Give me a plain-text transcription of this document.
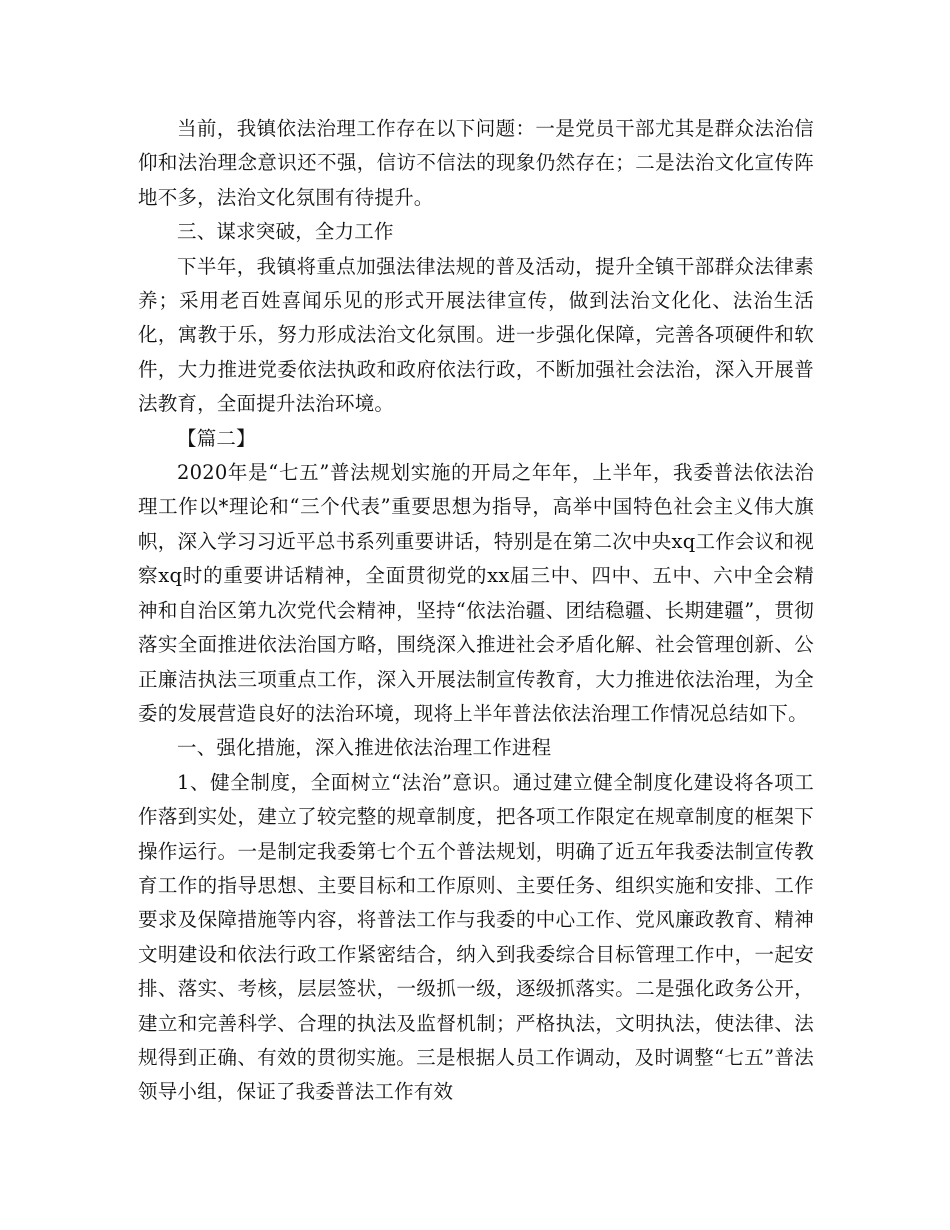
当前，我镇依法治理工作存在以下问题：一是党员干部尤其是群众法治信仰和法治理念意识还不强，信访不信法的现象仍然存在；二是法治文化宣传阵地不多，法治文化氛围有待提升。

三、谋求突破，全力工作

下半年，我镇将重点加强法律法规的普及活动，提升全镇干部群众法律素养；采用老百姓喜闻乐见的形式开展法律宣传，做到法治文化化、法治生活化，寓教于乐，努力形成法治文化氛围。进一步强化保障，完善各项硬件和软件，大力推进党委依法执政和政府依法行政，不断加强社会法治，深入开展普法教育，全面提升法治环境。

【篇二】

2020年是“七五”普法规划实施的开局之年年，上半年，我委普法依法治理工作以*理论和“三个代表”重要思想为指导，高举中国特色社会主义伟大旗帜，深入学习习近平总书系列重要讲话，特别是在第二次中央xq工作会议和视察xq时的重要讲话精神，全面贯彻党的xx届三中、四中、五中、六中全会精神和自治区第九次党代会精神，坚持“依法治疆、团结稳疆、长期建疆”，贯彻落实全面推进依法治国方略，围绕深入推进社会矛盾化解、社会管理创新、公正廉洁执法三项重点工作，深入开展法制宣传教育，大力推进依法治理，为全委的发展营造良好的法治环境，现将上半年普法依法治理工作情况总结如下。

一、强化措施，深入推进依法治理工作进程

1、健全制度，全面树立“法治”意识。通过建立健全制度化建设将各项工作落到实处，建立了较完整的规章制度，把各项工作限定在规章制度的框架下操作运行。一是制定我委第七个五个普法规划，明确了近五年我委法制宣传教育工作的指导思想、主要目标和工作原则、主要任务、组织实施和安排、工作要求及保障措施等内容，将普法工作与我委的中心工作、党风廉政教育、精神文明建设和依法行政工作紧密结合，纳入到我委综合目标管理工作中，一起安排、落实、考核，层层签状，一级抓一级，逐级抓落实。二是强化政务公开，建立和完善科学、合理的执法及监督机制；严格执法，文明执法，使法律、法规得到正确、有效的贯彻实施。三是根据人员工作调动，及时调整“七五”普法领导小组，保证了我委普法工作有效
